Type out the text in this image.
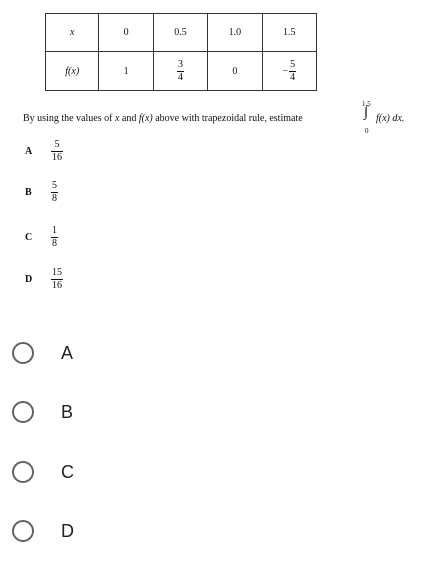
x	0	0.5	1.0	1.5
f(x)	1	$\frac{3}{4}$	0	− $\frac{5}{4}$
By using the values of x and f(x) above with trapezoidal rule, estimate
1.5
∫
0
f(x) dx.
A	$\frac{5}{16}$
B	$\frac{5}{8}$
C	$\frac{1}{8}$
D	$\frac{15}{16}$
A
B
C
D
